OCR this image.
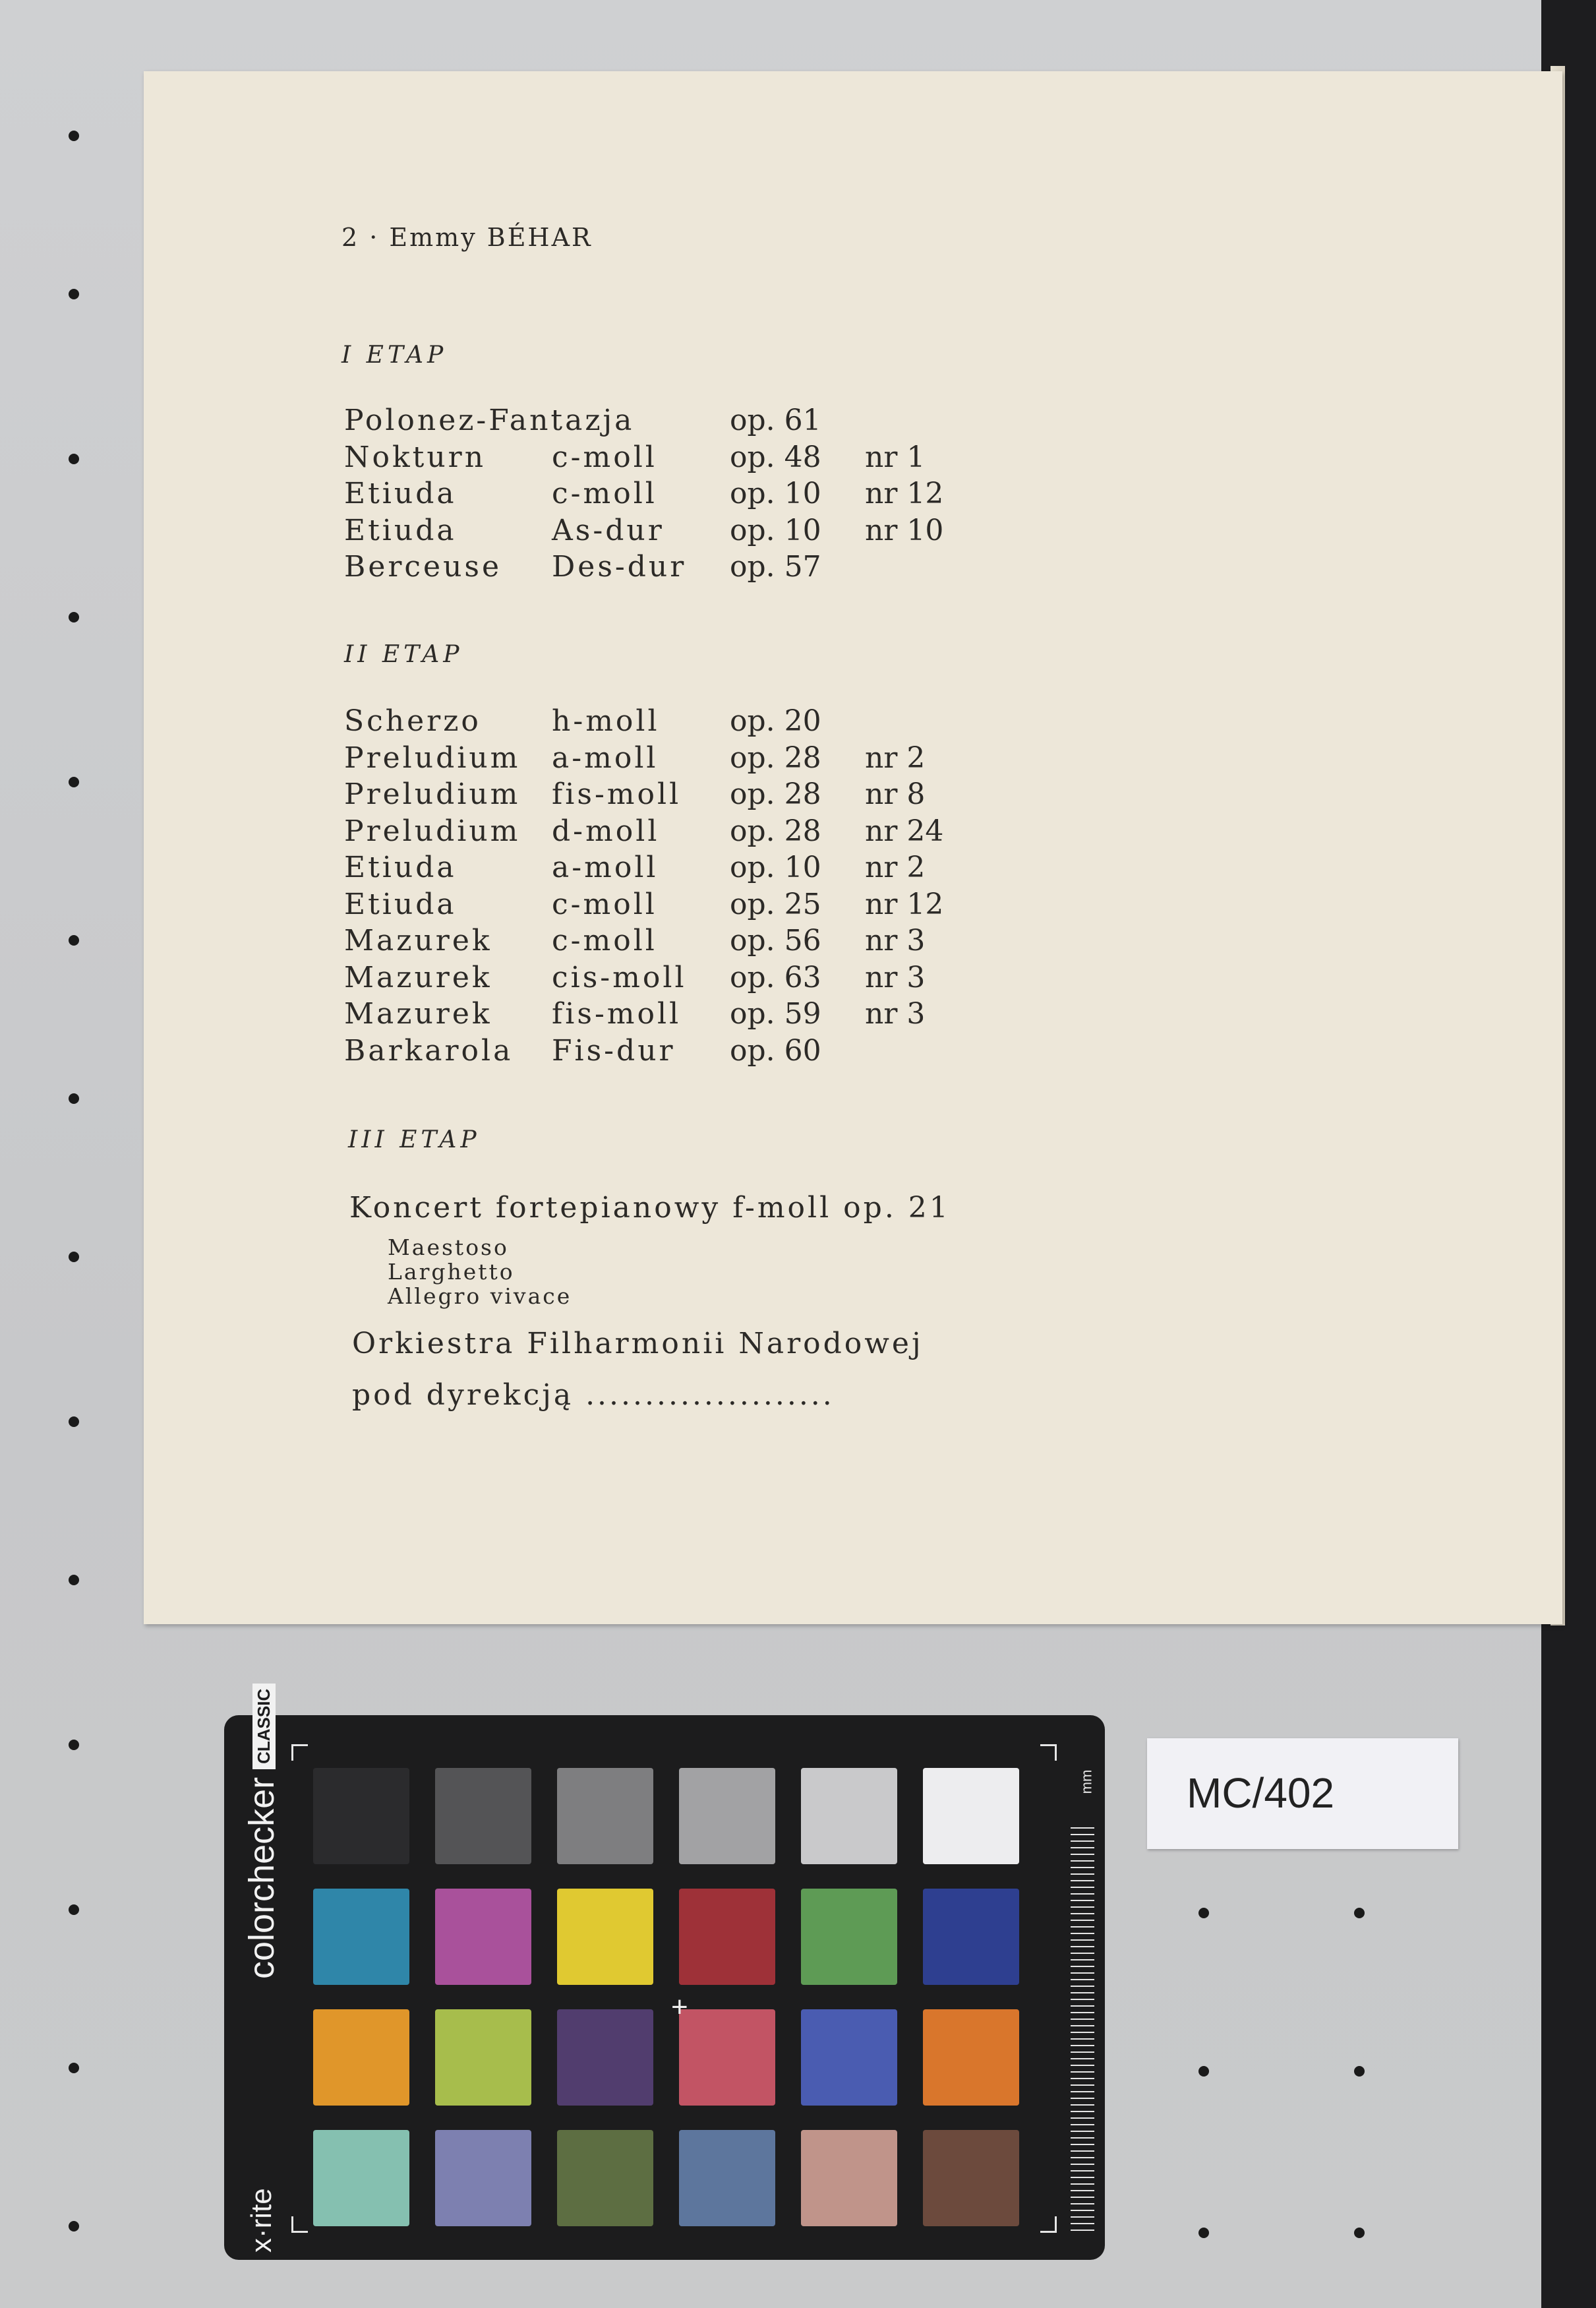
2 · Emmy BÉHAR
I ETAP
Polonez-Fantazja	op. 61
Nokturn c-moll	op. 48 nr 1
Etiuda	c-moll	op. 10 nr 12
Etiuda	As-dur op. 10 nr 10
Berceuse Des-dur op. 57
II ETAP
Scherzo h-moll op. 20
Preludium a-moll op. 28 nr 2
Preludium fis-moll op. 28 nr 8
Preludium d-moll op. 28 nr 24
Etiuda	a-moll op. 10 nr 2
Etiuda	c-moll	op. 25 nr 12
Mazurek c-moll	op. 56 nr 3
Mazurek cis-moll op. 63 nr 3
Mazurek fis-moll op. 59 nr 3
Barkarola Fis-dur op. 60
III ETAP
Koncert fortepianowy f-moll op. 21
Maestoso
Larghetto
Allegro vivace
Orkiestra Filharmonii Narodowej
pod dyrekcją .....................
colorcheckerCLASSIC
x·rite
+
mm MC/402
